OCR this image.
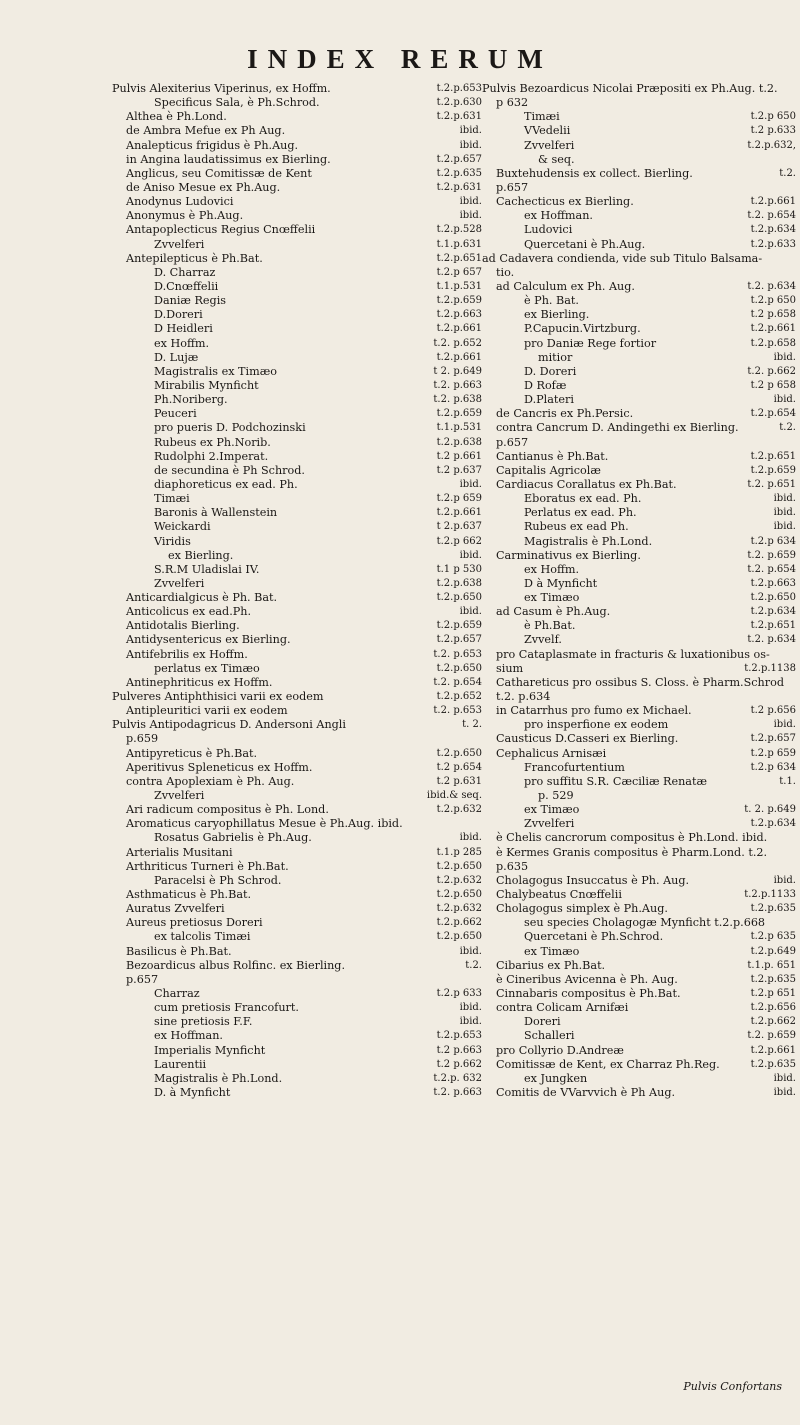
INDEX RERUM
Pulvis Alexiterius Viperinus, ex Hoffm.	t.2.p.653
Specificus Sala, è Ph.Schrod.	t.2.p.630
Althea è Ph.Lond.	t.2.p.631
de Ambra Mefue ex Ph Aug.	ibid.
Analepticus frigidus è Ph.Aug.	ibid.
in Angina laudatissimus ex Bierling.	t.2.p.657
Anglicus, seu Comitissæ de Kent	t.2.p.635
de Aniso Mesue ex Ph.Aug.	t.2.p.631
Anodynus Ludovici	ibid.
Anonymus è Ph.Aug.	ibid.
Antapoplecticus Regius Cnœffelii	t.2.p.528
Zvvelferi	t.1.p.631
Antepilepticus è Ph.Bat.	t.2.p.651
D. Charraz	t.2.p 657
D.Cnœffelii	t.1.p.531
Daniæ Regis	t.2.p.659
D.Doreri	t.2.p.663
D Heidleri	t.2.p.661
ex Hoffm.	t.2. p.652
D. Lujæ	t.2.p.661
Magistralis ex Timæo	t 2. p.649
Mirabilis Mynficht	t.2. p.663
Ph.Noriberg.	t.2. p.638
Peuceri	t.2.p.659
pro pueris D. Podchozinski	t.1.p.531
Rubeus ex Ph.Norib.	t.2.p.638
Rudolphi 2.Imperat.	t.2 p.661
de secundina è Ph Schrod.	t.2 p.637
diaphoreticus ex ead. Ph.	ibid.
Timæi	t.2.p 659
Baronis à Wallenstein	t.2.p.661
Weickardi	t 2.p.637
Viridis	t.2.p 662
ex Bierling.	ibid.
S.R.M Uladislai IV.	t.1 p 530
Zvvelferi	t.2.p.638
Anticardialgicus è Ph. Bat.	t.2.p.650
Anticolicus ex ead.Ph.	ibid.
Antidotalis Bierling.	t.2.p.659
Antidysentericus ex Bierling.	t.2.p.657
Antifebrilis ex Hoffm.	t.2. p.653
perlatus ex Timæo	t.2.p.650
Antinephriticus ex Hoffm.	t.2. p.654
Pulveres Antiphthisici varii ex eodem	t.2.p.652
Antipleuritici varii ex eodem	t.2. p.653
Pulvis Antipodagricus D. Andersoni Angli	t. 2.
p.659
Antipyreticus è Ph.Bat.	t.2.p.650
Aperitivus Spleneticus ex Hoffm.	t.2 p.654
contra Apoplexiam è Ph. Aug.	t.2 p.631
Zvvelferi	ibid.& seq.
Ari radicum compositus è Ph. Lond.	t.2.p.632
Aromaticus caryophillatus Mesue è Ph.Aug. ibid.
Rosatus Gabrielis è Ph.Aug.	ibid.
Arterialis Musitani	t.1.p 285
Arthriticus Turneri è Ph.Bat.	t.2.p.650
Paracelsi è Ph Schrod.	t.2.p.632
Asthmaticus è Ph.Bat.	t.2.p.650
Auratus Zvvelferi	t.2.p.632
Aureus pretiosus Doreri	t.2.p.662
ex talcolis Timæi	t.2.p.650
Basilicus è Ph.Bat.	ibid.
Bezoardicus albus Rolfinc. ex Bierling.	t.2.
p.657
Charraz	t.2.p 633
cum pretiosis Francofurt.	ibid.
sine pretiosis F.F.	ibid.
ex Hoffman.	t.2.p.653
Imperialis Mynficht	t.2 p.663
Laurentii	t.2 p.662
Magistralis è Ph.Lond.	t.2.p. 632
D. à Mynficht	t.2. p.663
Pulvis Bezoardicus Nicolai Præpositi ex Ph.Aug. t.2.
p 632
Timæi	t.2.p 650
VVedelii	t.2 p.633
Zvvelferi	t.2.p.632,
& seq.
Buxtehudensis ex collect. Bierling.	t.2.
p.657
Cachecticus ex Bierling.	t.2.p.661
ex Hoffman.	t.2. p.654
Ludovici	t.2.p.634
Quercetani è Ph.Aug.	t.2.p.633
ad Cadavera condienda, vide sub Titulo Balsama-
tio.
ad Calculum ex Ph. Aug.	t.2. p.634
è Ph. Bat.	t.2.p 650
ex Bierling.	t.2 p.658
P.Capucin.Virtzburg.	t.2.p.661
pro Daniæ Rege fortior	t.2.p.658
mitior	ibid.
D. Doreri	t.2. p.662
D Rofæ	t.2 p 658
D.Plateri	ibid.
de Cancris ex Ph.Persic.	t.2.p.654
contra Cancrum D. Andingethi ex Bierling.	t.2.
p.657
Cantianus è Ph.Bat.	t.2.p.651
Capitalis Agricolæ	t.2.p.659
Cardiacus Corallatus ex Ph.Bat.	t.2. p.651
Eboratus ex ead. Ph.	ibid.
Perlatus ex ead. Ph.	ibid.
Rubeus ex ead Ph.	ibid.
Magistralis è Ph.Lond.	t.2.p 634
Carminativus ex Bierling.	t.2. p.659
ex Hoffm.	t.2. p.654
D à Mynficht	t.2.p.663
ex Timæo	t.2.p.650
ad Casum è Ph.Aug.	t.2.p.634
è Ph.Bat.	t.2.p.651
Zvvelf.	t.2. p.634
pro Cataplasmate in fracturis & luxationibus os-
sium	t.2.p.1138
Cathareticus pro ossibus S. Closs. è Pharm.Schrod
t.2. p.634
in Catarrhus pro fumo ex Michael.	t.2 p.656
pro insperfione ex eodem	ibid.
Causticus D.Casseri ex Bierling.	t.2.p.657
Cephalicus Arnisæi	t.2.p 659
Francofurtentium	t.2.p 634
pro suffitu S.R. Cæciliæ Renatæ	t.1.
p. 529
ex Timæo	t. 2. p.649
Zvvelferi	t.2.p.634
è Chelis cancrorum compositus è Ph.Lond. ibid.
è Kermes Granis compositus è Pharm.Lond. t.2.
p.635
Cholagogus Insuccatus è Ph. Aug.	ibid.
Chalybeatus Cnœffelii	t.2.p.1133
Cholagogus simplex è Ph.Aug.	t.2.p.635
seu species Cholagogæ Mynficht t.2.p.668
Quercetani è Ph.Schrod.	t.2.p 635
ex Timæo	t.2.p.649
Cibarius ex Ph.Bat.	t.1.p. 651
è Cineribus Avicenna è Ph. Aug.	t.2.p.635
Cinnabaris compositus è Ph.Bat.	t.2.p 651
contra Colicam Arnifæi	t.2.p.656
Doreri	t.2.p.662
Schalleri	t.2. p.659
pro Collyrio D.Andreæ	t.2.p.661
Comitissæ de Kent, ex Charraz Ph.Reg.	t.2.p.635
ex Jungken	ibid.
Comitis de VVarvvich è Ph Aug.	ibid.
Pulvis Confortans
